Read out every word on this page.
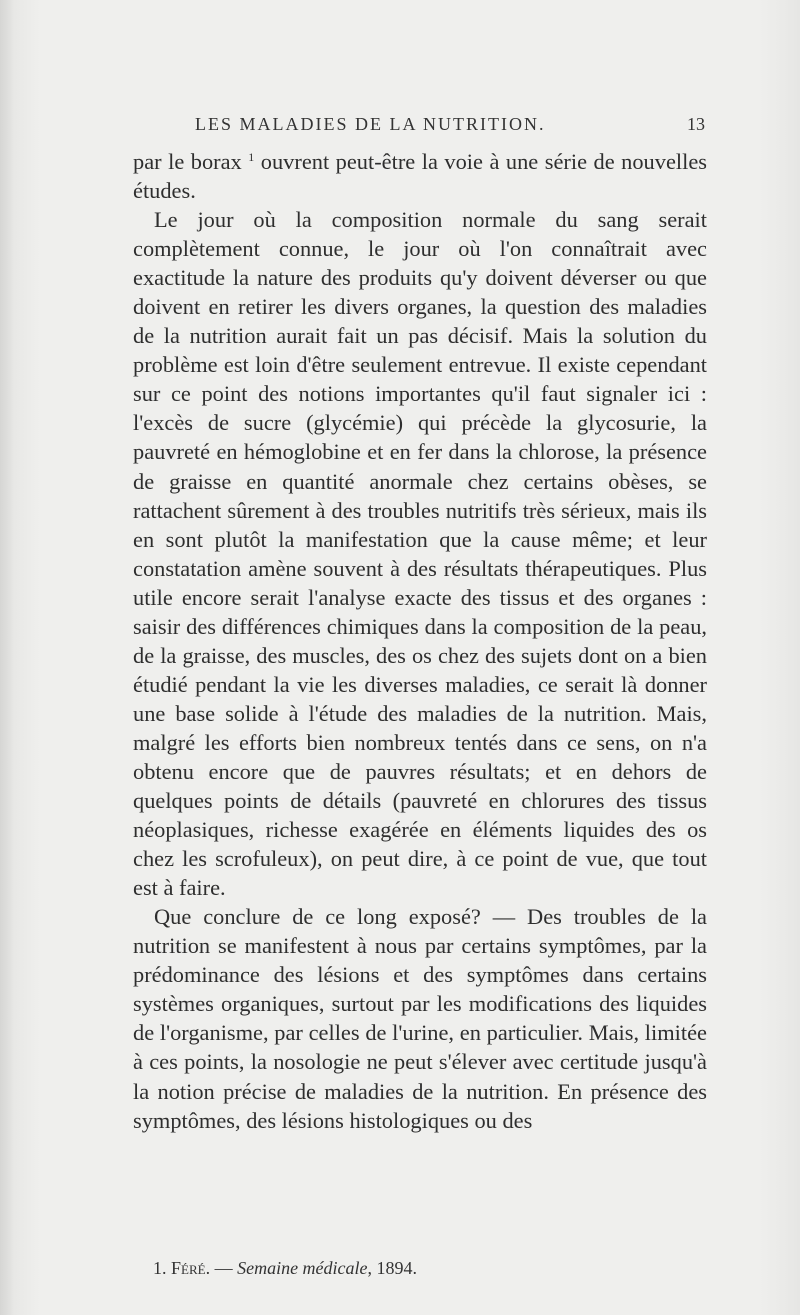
LES MALADIES DE LA NUTRITION.	13

par le borax $^1$ ouvrent peut-être la voie à une série de nouvelles études.

Le jour où la composition normale du sang serait complètement connue, le jour où l'on connaîtrait avec exactitude la nature des produits qu'y doivent déverser ou que doivent en retirer les divers organes, la question des maladies de la nutrition aurait fait un pas décisif. Mais la solution du problème est loin d'être seulement entrevue. Il existe cependant sur ce point des notions importantes qu'il faut signaler ici : l'excès de sucre (glycémie) qui précède la glycosurie, la pauvreté en hémoglobine et en fer dans la chlorose, la présence de graisse en quantité anormale chez certains obèses, se rattachent sûrement à des troubles nutritifs très sérieux, mais ils en sont plutôt la manifestation que la cause même; et leur constatation amène souvent à des résultats thérapeutiques. Plus utile encore serait l'analyse exacte des tissus et des organes : saisir des différences chimiques dans la composition de la peau, de la graisse, des muscles, des os chez des sujets dont on a bien étudié pendant la vie les diverses maladies, ce serait là donner une base solide à l'étude des maladies de la nutrition. Mais, malgré les efforts bien nombreux tentés dans ce sens, on n'a obtenu encore que de pauvres résultats; et en dehors de quelques points de détails (pauvreté en chlorures des tissus néoplasiques, richesse exagérée en éléments liquides des os chez les scrofuleux), on peut dire, à ce point de vue, que tout est à faire.

Que conclure de ce long exposé? — Des troubles de la nutrition se manifestent à nous par certains symptômes, par la prédominance des lésions et des symptômes dans certains systèmes organiques, surtout par les modifications des liquides de l'organisme, par celles de l'urine, en particulier. Mais, limitée à ces points, la nosologie ne peut s'élever avec certitude jusqu'à la notion précise de maladies de la nutrition. En présence des symptômes, des lésions histologiques ou des

1. Féré. — Semaine médicale, 1894.
